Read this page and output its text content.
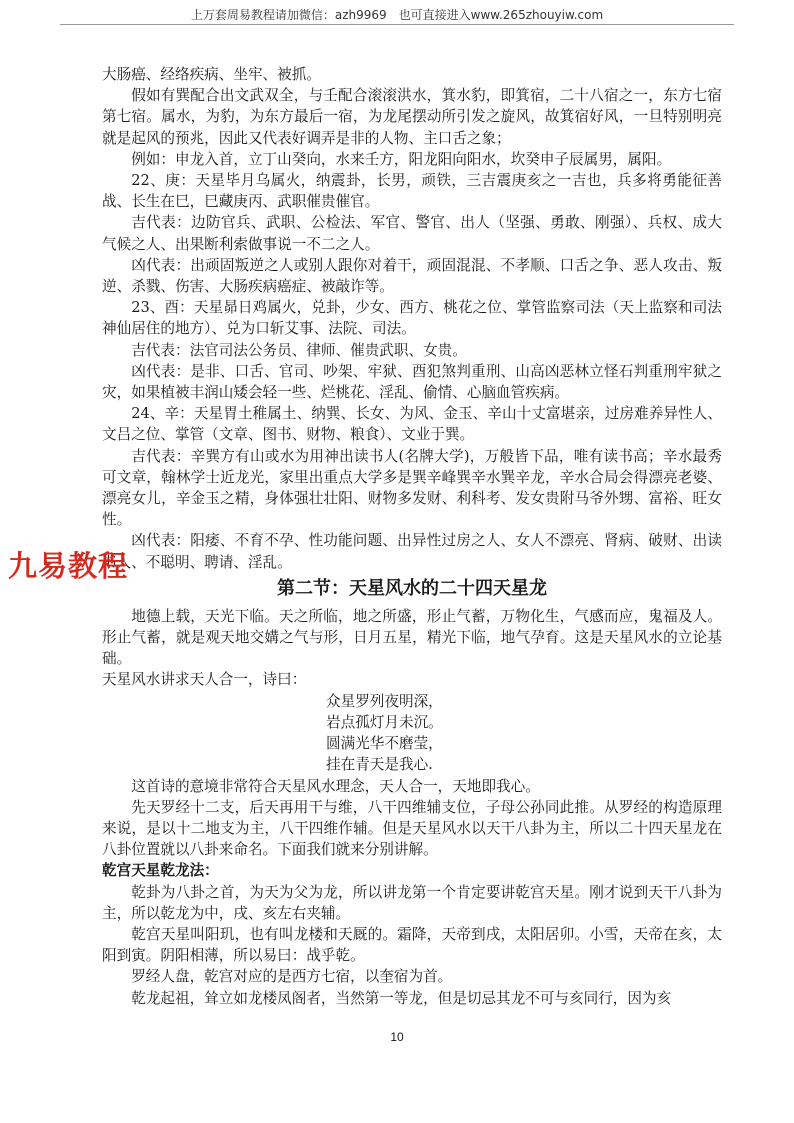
上万套周易教程请加微信：azh9969　也可直接进入www.265zhouyiw.com

大肠癌、经络疾病、坐牢、被抓。

假如有巽配合出文武双全，与壬配合滚滚洪水，箕水豹，即箕宿，二十八宿之一，东方七宿第七宿。属水，为豹，为东方最后一宿，为龙尾摆动所引发之旋风，故箕宿好风，一旦特别明亮就是起风的预兆，因此又代表好调弄是非的人物、主口舌之象；

例如：申龙入首，立丁山癸向，水来壬方，阳龙阳向阳水，坎癸申子辰属男，属阳。

22、庚：天星毕月乌属火，纳震卦，长男，顽铁，三吉震庚亥之一吉也，兵多将勇能征善战、长生在巳，巳藏庚丙、武职催贵催官。

吉代表：边防官兵、武职、公检法、军官、警官、出人（坚强、勇敢、刚强）、兵权、成大气候之人、出果断利索做事说一不二之人。

凶代表：出顽固叛逆之人或别人跟你对着干，顽固混混、不孝顺、口舌之争、恶人攻击、叛逆、杀戮、伤害、大肠疾病癌症、被敲诈等。

23、酉：天星昴日鸡属火，兑卦，少女、西方、桃花之位、掌管监察司法（天上监察和司法神仙居住的地方）、兑为口斩艾事、法院、司法。

吉代表：法官司法公务员、律师、催贵武职、女贵。

凶代表：是非、口舌、官司、吵架、牢狱、酉犯煞判重刑、山高凶恶林立怪石判重刑牢狱之灾，如果植被丰润山矮会轻一些、烂桃花、淫乱、偷情、心脑血管疾病。

24、辛：天星胃土稚属土、纳巽、长女、为风、金玉、辛山十丈富堪亲，过房难养异性人、文吕之位、掌管（文章、图书、财物、粮食）、文业于巽。

吉代表：辛巽方有山或水为用神出读书人(名牌大学)，万般皆下品，唯有读书高；辛水最秀可文章，翰林学士近龙光，家里出重点大学多是巽辛峰巽辛水巽辛龙，辛水合局会得漂亮老婆、漂亮女儿，辛金玉之精，身体强壮壮阳、财物多发财、利科考、发女贵附马爷外甥、富裕、旺女性。

凶代表：阳痿、不育不孕、性功能问题、出异性过房之人、女人不漂亮、肾病、破财、出读书人、不聪明、聘请、淫乱。

第二节：天星风水的二十四天星龙

地德上载，天光下临。天之所临，地之所盛，形止气蓄，万物化生，气感而应，鬼福及人。形止气蓄，就是观天地交媾之气与形，日月五星，精光下临，地气孕育。这是天星风水的立论基础。

天星风水讲求天人合一，诗曰：

众星罗列夜明深，

岩点孤灯月未沉。

圆满光华不磨莹，

挂在青天是我心.

这首诗的意境非常符合天星风水理念，天人合一，天地即我心。

先天罗经十二支，后天再用干与维，八干四维辅支位，子母公孙同此推。从罗经的构造原理来说，是以十二地支为主，八干四维作辅。但是天星风水以天干八卦为主，所以二十四天星龙在八卦位置就以八卦来命名。下面我们就来分别讲解。

乾宫天星乾龙法：

乾卦为八卦之首，为天为父为龙，所以讲龙第一个肯定要讲乾宫天星。刚才说到天干八卦为主，所以乾龙为中，戌、亥左右夹辅。

乾宫天星叫阳玑，也有叫龙楼和天厩的。霜降，天帝到戌，太阳居卯。小雪，天帝在亥，太阳到寅。阴阳相薄，所以易曰：战乎乾。

罗经人盘，乾宫对应的是西方七宿，以奎宿为首。

乾龙起祖，耸立如龙楼凤阁者，当然第一等龙，但是切忌其龙不可与亥同行，因为亥

九易教程
10
